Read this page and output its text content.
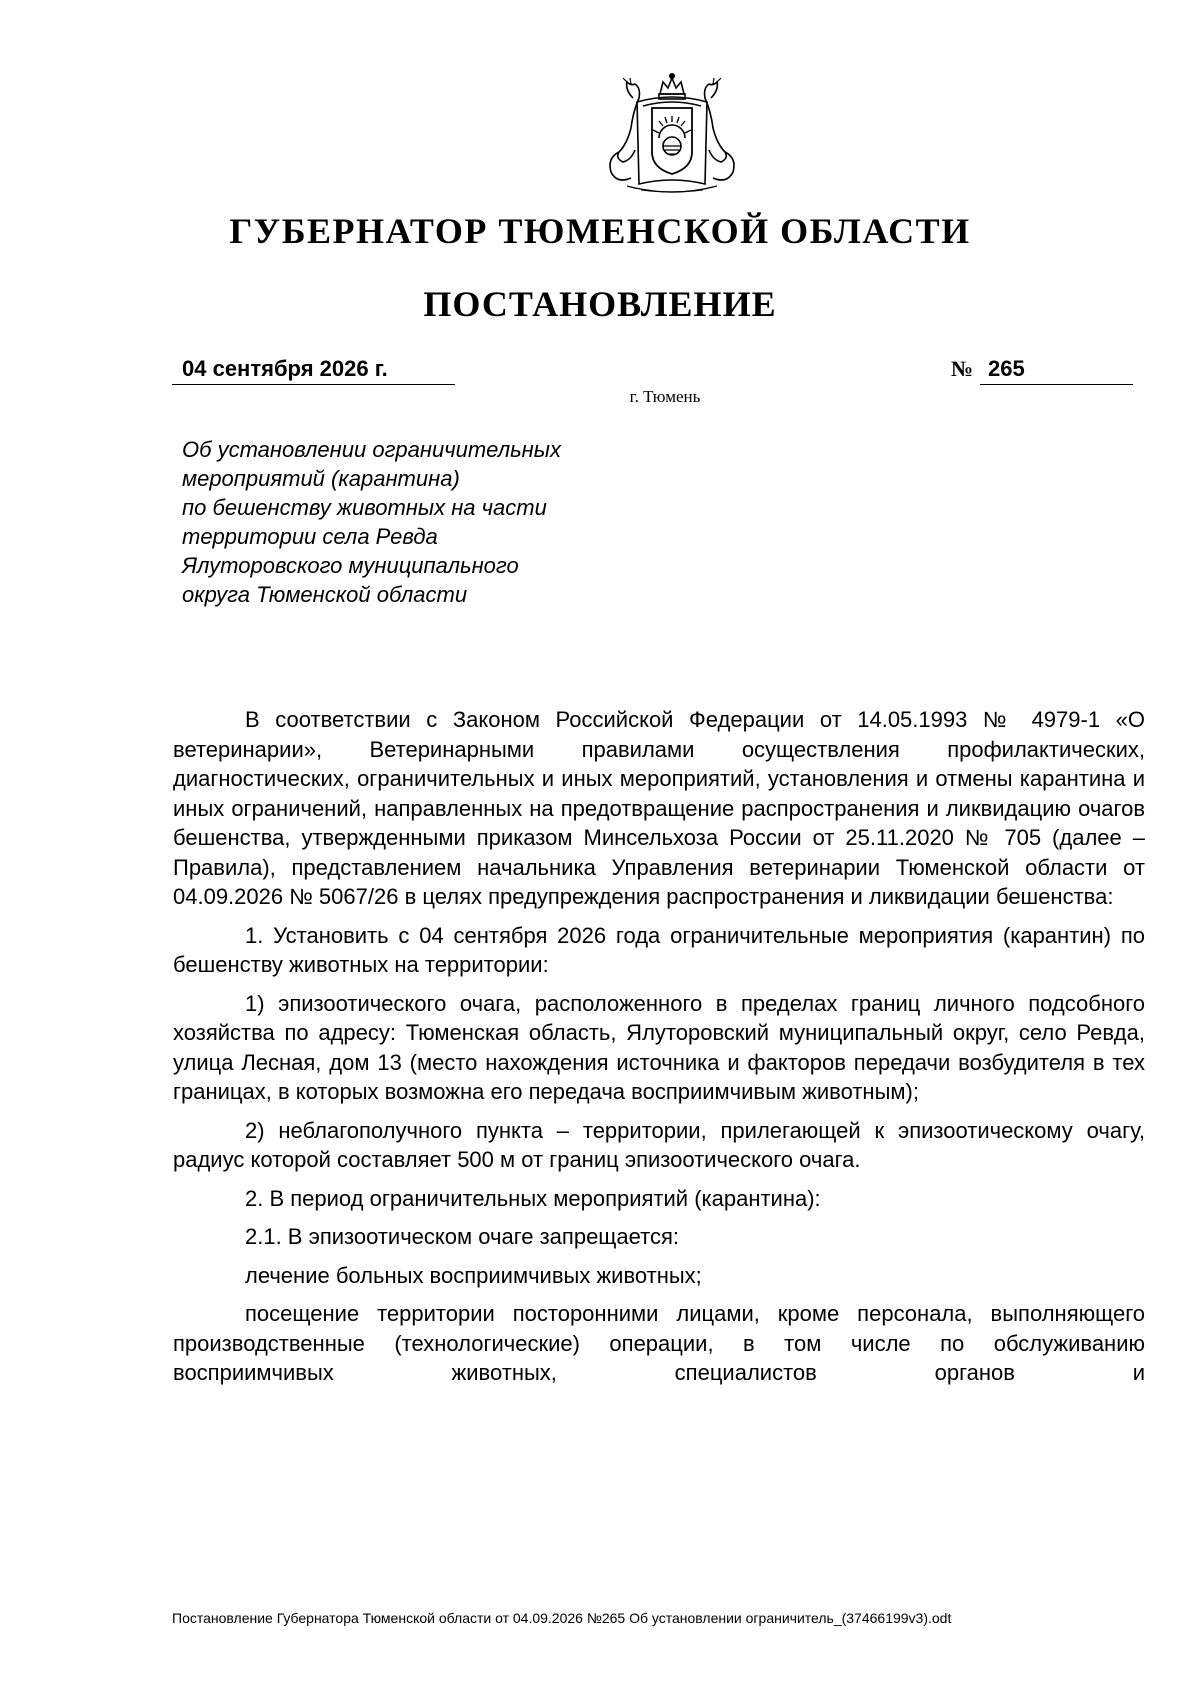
ГУБЕРНАТОР ТЮМЕНСКОЙ ОБЛАСТИ
ПОСТАНОВЛЕНИЕ
04 сентября 2026 г.	№ 265
г. Тюмень
Об установлении ограничительных
мероприятий (карантина)
по бешенству животных на части
территории села Ревда
Ялуторовского муниципального
округа Тюменской области

В соответствии с Законом Российской Федерации от 14.05.1993 № 4979-1 «О ветеринарии», Ветеринарными правилами осуществления профилактических, диагностических, ограничительных и иных мероприятий, установления и отмены карантина и иных ограничений, направленных на предотвращение распространения и ликвидацию очагов бешенства, утвержденными приказом Минсельхоза России от 25.11.2020 № 705 (далее – Правила), представлением начальника Управления ветеринарии Тюменской области от 04.09.2026 № 5067/26 в целях предупреждения распространения и ликвидации бешенства:

1. Установить с 04 сентября 2026 года ограничительные мероприятия (карантин) по бешенству животных на территории:

1) эпизоотического очага, расположенного в пределах границ личного подсобного хозяйства по адресу: Тюменская область, Ялуторовский муниципальный округ, село Ревда, улица Лесная, дом 13 (место нахождения источника и факторов передачи возбудителя в тех границах, в которых возможна его передача восприимчивым животным);

2) неблагополучного пункта – территории, прилегающей к эпизоотическому очагу, радиус которой составляет 500 м от границ эпизоотического очага.

2. В период ограничительных мероприятий (карантина):

2.1. В эпизоотическом очаге запрещается:

лечение больных восприимчивых животных;

посещение территории посторонними лицами, кроме персонала, выполняющего производственные (технологические) операции, в том числе по обслуживанию восприимчивых животных, специалистов органов и

Постановление Губернатора Тюменской области от 04.09.2026 №265 Об установлении ограничитель_(37466199v3).odt
